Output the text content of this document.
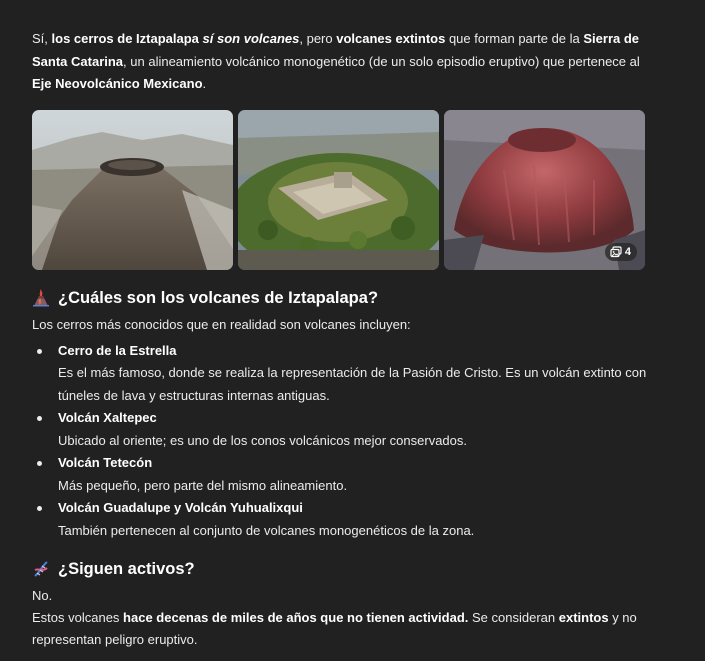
Sí, los cerros de Iztapalapa sí son volcanes, pero volcanes extintos que forman parte de la Sierra de Santa Catarina, un alineamiento volcánico monogenético (de un solo episodio eruptivo) que pertenece al Eje Neovolcánico Mexicano.

4
¿Cuáles son los volcanes de Iztapalapa?

Los cerros más conocidos que en realidad son volcanes incluyen:

Cerro de la Estrella
Es el más famoso, donde se realiza la representación de la Pasión de Cristo. Es un volcán extinto con túneles de lava y estructuras internas antiguas.
Volcán Xaltepec
Ubicado al oriente; es uno de los conos volcánicos mejor conservados.
Volcán Tetecón
Más pequeño, pero parte del mismo alineamiento.
Volcán Guadalupe y Volcán Yuhualixqui
También pertenecen al conjunto de volcanes monogenéticos de la zona.
¿Siguen activos?

No.

Estos volcanes hace decenas de miles de años que no tienen actividad. Se consideran extintos y no representan peligro eruptivo.
